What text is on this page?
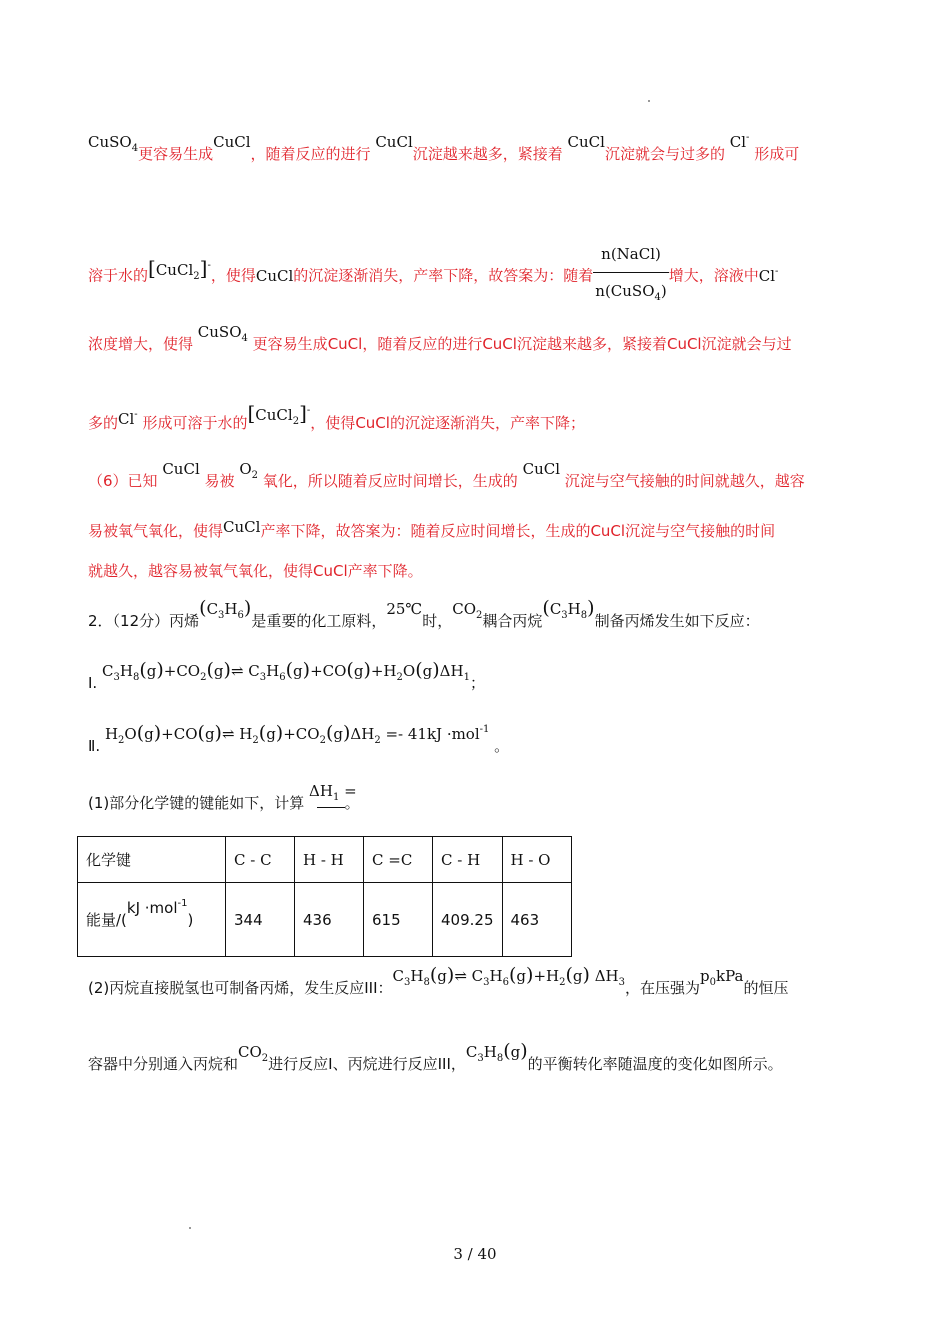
CuSO$_4$更容易生成CuCl，随着反应的进行 CuCl沉淀越来越多，紧接着 CuCl沉淀就会与过多的 Cl- 形成可
溶于水的[CuCl$_2$]-，使得CuCl的沉淀逐渐消失，产率下降，故答案为：随着 $\frac{\text{n(NaCl)}}{n(CuSO_4)}$ 增大，溶液中Cl-
浓度增大，使得 CuSO$_4$ 更容易生成CuCl，随着反应的进行CuCl沉淀越来越多，紧接着CuCl沉淀就会与过
多的Cl- 形成可溶于水的[CuCl$_2$]-，使得CuCl的沉淀逐渐消失，产率下降；
（6）已知 CuCl 易被 $O_2$ 氧化，所以随着反应时间增长，生成的 CuCl 沉淀与空气接触的时间就越久，越容
易被氧气氧化，使得CuCl产率下降，故答案为：随着反应时间增长，生成的CuCl沉淀与空气接触的时间
就越久，越容易被氧气氧化，使得CuCl产率下降。
2．（12分）丙烯$(C_3H_6)$是重要的化工原料，25℃时，$CO_2$耦合丙烷$(C_3H_8)$制备丙烯发生如下反应：
Ⅰ. $C_3H_8(g)+CO_2(g)\rightleftharpoons$ $C_3H_6(g)+CO(g)+H_2O(g)\Delta H_1$；
Ⅱ. $H_2O(g)+CO(g)\rightleftharpoons$ $H_2(g)+CO_2(g)\Delta H_2 =- 41kJ \cdot mol^{-1}$ 。
(1)部分化学键的键能如下，计算 $\Delta H_1$ =。
化学键	C - C	H - H	C =C	C - H	H - O
能量/(kJ ·mol$^{-1}$)	344	436	615	409.25	463
(2)丙烷直接脱氢也可制备丙烯，发生反应III：$C_3H_8(g)\rightleftharpoons$ $C_3H_6(g)+H_2(g)$ $\Delta H_3$，在压强为$p_0kPa$的恒压
容器中分别通入丙烷和$CO_2$进行反应Ⅰ、丙烷进行反应III，$C_3H_8(g)$的平衡转化率随温度的变化如图所示。
3 / 40
